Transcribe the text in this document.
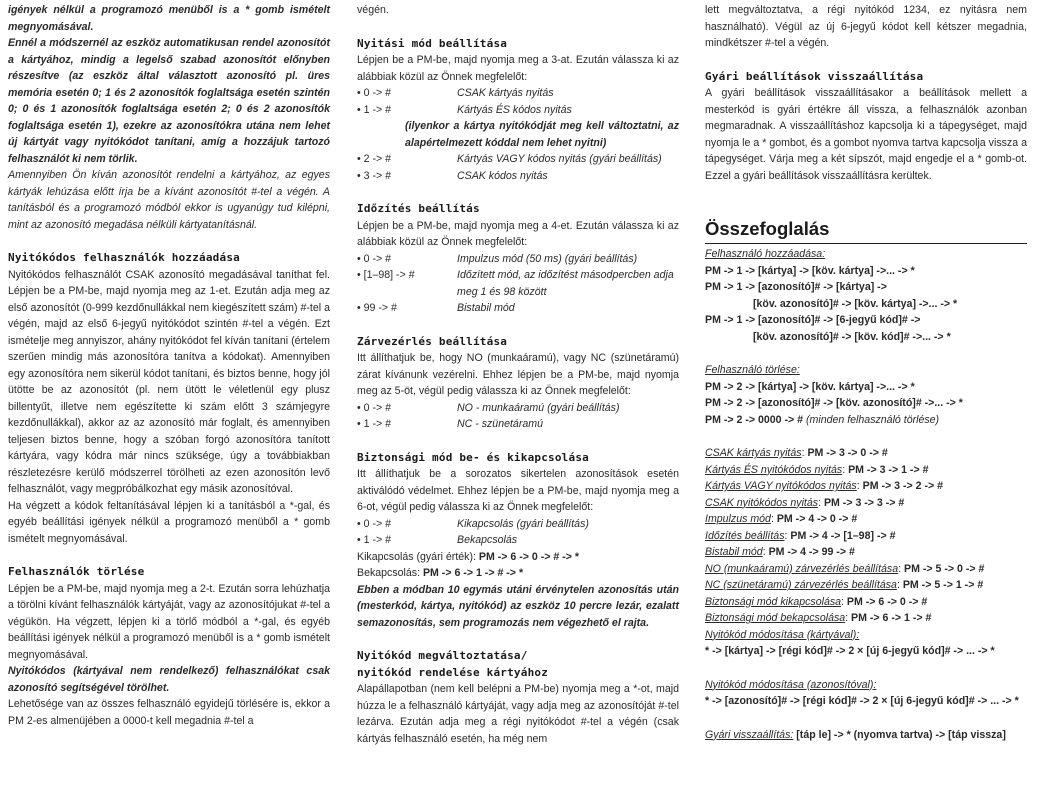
igények nélkül a programozó menüből is a * gomb ismételt megnyomásával.

Ennél a módszernél az eszköz automatikusan rendel azonosítót a kártyához, mindig a legelső szabad azonosítót előnyben részesítve (az eszköz által választott azonosító pl. üres memória esetén 0; 1 és 2 azonosítók foglaltsága esetén szintén 0; 0 és 1 azonosítók foglaltsága esetén 2; 0 és 2 azonosítók foglaltsága esetén 1), ezekre az azonosítókra utána nem lehet új kártyát vagy nyitókódot tanítani, amíg a hozzájuk tartozó felhasználót ki nem törlik.

Amennyiben Ön kíván azonosítót rendelni a kártyához, az egyes kártyák lehúzása előtt írja be a kívánt azonosítót #-tel a végén. A tanításból és a programozó módból ekkor is ugyanúgy tud kilépni, mint az azonosító megadása nélküli kártyatanításnál.

Nyitókódos felhasználók hozzáadása

Nyitókódos felhasználót CSAK azonosító megadásával taníthat fel. Lépjen be a PM-be, majd nyomja meg az 1-et. Ezután adja meg az első azonosítót (0-999 kezdőnullákkal nem kiegészített szám) #-tel a végén, majd az első 6-jegyű nyitókódot szintén #-tel a végén. Ezt ismételje meg annyiszor, ahány nyitókódot fel kíván tanítani (értelem szerűen mindig más azonosítóra tanítva a kódokat). Amennyiben egy azonosítóra nem sikerül kódot tanítani, és biztos benne, hogy jól ütötte be az azonosítót (pl. nem ütött le véletlenül egy plusz billentyűt, illetve nem egészítette ki szám előtt 3 számjegyre kezdőnullákkal), akkor az az azonosító már foglalt, és amennyiben teljesen biztos benne, hogy a szóban forgó azonosítóra tanított kártyára, vagy kódra már nincs szüksége, úgy a továbbiakban részletezésre kerülő módszerrel törölheti az ezen azonosítón levő felhasználót, vagy megpróbálkozhat egy másik azonosítóval.

Ha végzett a kódok feltanításával lépjen ki a tanításból a *-gal, és egyéb beállítási igények nélkül a programozó menüből a * gomb ismételt megnyomásával.

Felhasználók törlése

Lépjen be a PM-be, majd nyomja meg a 2-t. Ezután sorra lehúzhatja a törölni kívánt felhasználók kártyáját, vagy az azonosítójukat #-tel a végükön. Ha végzett, lépjen ki a törlő módból a *-gal, és egyéb beállítási igények nélkül a programozó menüből is a * gomb ismételt megnyomásával.

Nyitókódos (kártyával nem rendelkező) felhasználókat csak azonosító segítségével törölhet.

Lehetősége van az összes felhasználó egyidejű törlésére is, ekkor a PM 2-es almenüjében a 0000-t kell megadnia #-tel a

végén.

Nyitási mód beállítása

Lépjen be a PM-be, majd nyomja meg a 3-at. Ezután válassza ki az alábbiak közül az Önnek megfelelőt:

• 0 -> #	CSAK kártyás nyitás
• 1 -> #	Kártyás ÉS kódos nyitás

(ilyenkor a kártya nyitókódját meg kell változtatni, az alapértelmezett kóddal nem lehet nyitni)

• 2 -> #	Kártyás VAGY kódos nyitás (gyári beállítás)
• 3 -> #	CSAK kódos nyitás

Időzítés beállítás

Lépjen be a PM-be, majd nyomja meg a 4-et. Ezután válassza ki az alábbiak közül az Önnek megfelelőt:

• 0 -> #	Impulzus mód (50 ms) (gyári beállítás)
• [1–98] -> #	Időzített mód, az időzítést másodpercben adja meg 1 és 98 között
• 99 -> #	Bistabil mód

Zárvezérlés beállítása

Itt állíthatjuk be, hogy NO (munkaáramú), vagy NC (szünetáramú) zárat kívánunk vezérelni. Ehhez lépjen be a PM-be, majd nyomja meg az 5-öt, végül pedig válassza ki az Önnek megfelelőt:

• 0 -> #	NO - munkaáramú (gyári beállítás)
• 1 -> #	NC - szünetáramú

Biztonsági mód be- és kikapcsolása

Itt állíthatjuk be a sorozatos sikertelen azonosítások esetén aktiválódó védelmet. Ehhez lépjen be a PM-be, majd nyomja meg a 6-ot, végül pedig válassza ki az Önnek megfelelőt:

• 0 -> #	Kikapcsolás (gyári beállítás)
• 1 -> #	Bekapcsolás

Kikapcsolás (gyári érték): PM -> 6 -> 0 -> # -> *

Bekapcsolás: PM -> 6 -> 1 -> # -> *

Ebben a módban 10 egymás utáni érvénytelen azonosítás után (mesterkód, kártya, nyitókód) az eszköz 10 percre lezár, ezalatt semazonosítás, sem programozás nem végezhető el rajta.

Nyitókód megváltoztatása/

nyitókód rendelése kártyához

Alapállapotban (nem kell belépni a PM-be) nyomja meg a *-ot, majd húzza le a felhasználó kártyáját, vagy adja meg az azonosítóját #-tel lezárva. Ezután adja meg a régi nyitókódot #-tel a végén (csak kártyás felhasználó esetén, ha még nem

lett megváltoztatva, a régi nyitókód 1234, ez nyitásra nem használható). Végül az új 6-jegyű kódot kell kétszer megadnia, mindkétszer #-tel a végén.

Gyári beállítások visszaállítása

A gyári beállítások visszaállításakor a beállítások mellett a mesterkód is gyári értékre áll vissza, a felhasználók azonban megmaradnak. A visszaállításhoz kapcsolja ki a tápegységet, majd nyomja le a * gombot, és a gombot nyomva tartva kapcsolja vissza a tápegységet. Várja meg a két sípszót, majd engedje el a * gomb-ot. Ezzel a gyári beállítások visszaállításra kerültek.

Összefoglalás

Felhasználó hozzáadása:

PM -> 1 -> [kártya] -> [köv. kártya] ->... -> *

PM -> 1 -> [azonosító]# -> [kártya] ->

[köv. azonosító]# -> [köv. kártya] ->... -> *

PM -> 1 -> [azonosító]# -> [6-jegyű kód]# ->

[köv. azonosító]# -> [köv. kód]# ->... -> *

Felhasználó törlése:

PM -> 2 -> [kártya] -> [köv. kártya] ->... -> *

PM -> 2 -> [azonosító]# -> [köv. azonosító]# ->... -> *

PM -> 2 -> 0000 -> # (minden felhasználó törlése)

CSAK kártyás nyitás: PM -> 3 -> 0 -> #

Kártyás ÉS nyitókódos nyitás: PM -> 3 -> 1 -> #

Kártyás VAGY nyitókódos nyitás: PM -> 3 -> 2 -> #

CSAK nyitókódos nyitás: PM -> 3 -> 3 -> #

Impulzus mód: PM -> 4 -> 0 -> #

Időzítés beállítás: PM -> 4 -> [1–98] -> #

Bistabil mód: PM -> 4 -> 99 -> #

NO (munkaáramú) zárvezérlés beállítása: PM -> 5 -> 0 -> #

NC (szünetáramú) zárvezérlés beállítása: PM -> 5 -> 1 -> #

Biztonsági mód kikapcsolása: PM -> 6 -> 0 -> #

Biztonsági mód bekapcsolása: PM -> 6 -> 1 -> #

Nyitókód módosítása (kártyával):

* -> [kártya] -> [régi kód]# -> 2 × [új 6-jegyű kód]# -> ... -> *

Nyitókód módosítása (azonosítóval):

* -> [azonosító]# -> [régi kód]# -> 2 × [új 6-jegyű kód]# -> ... -> *

Gyári visszaállítás: [táp le] -> * (nyomva tartva) -> [táp vissza]
